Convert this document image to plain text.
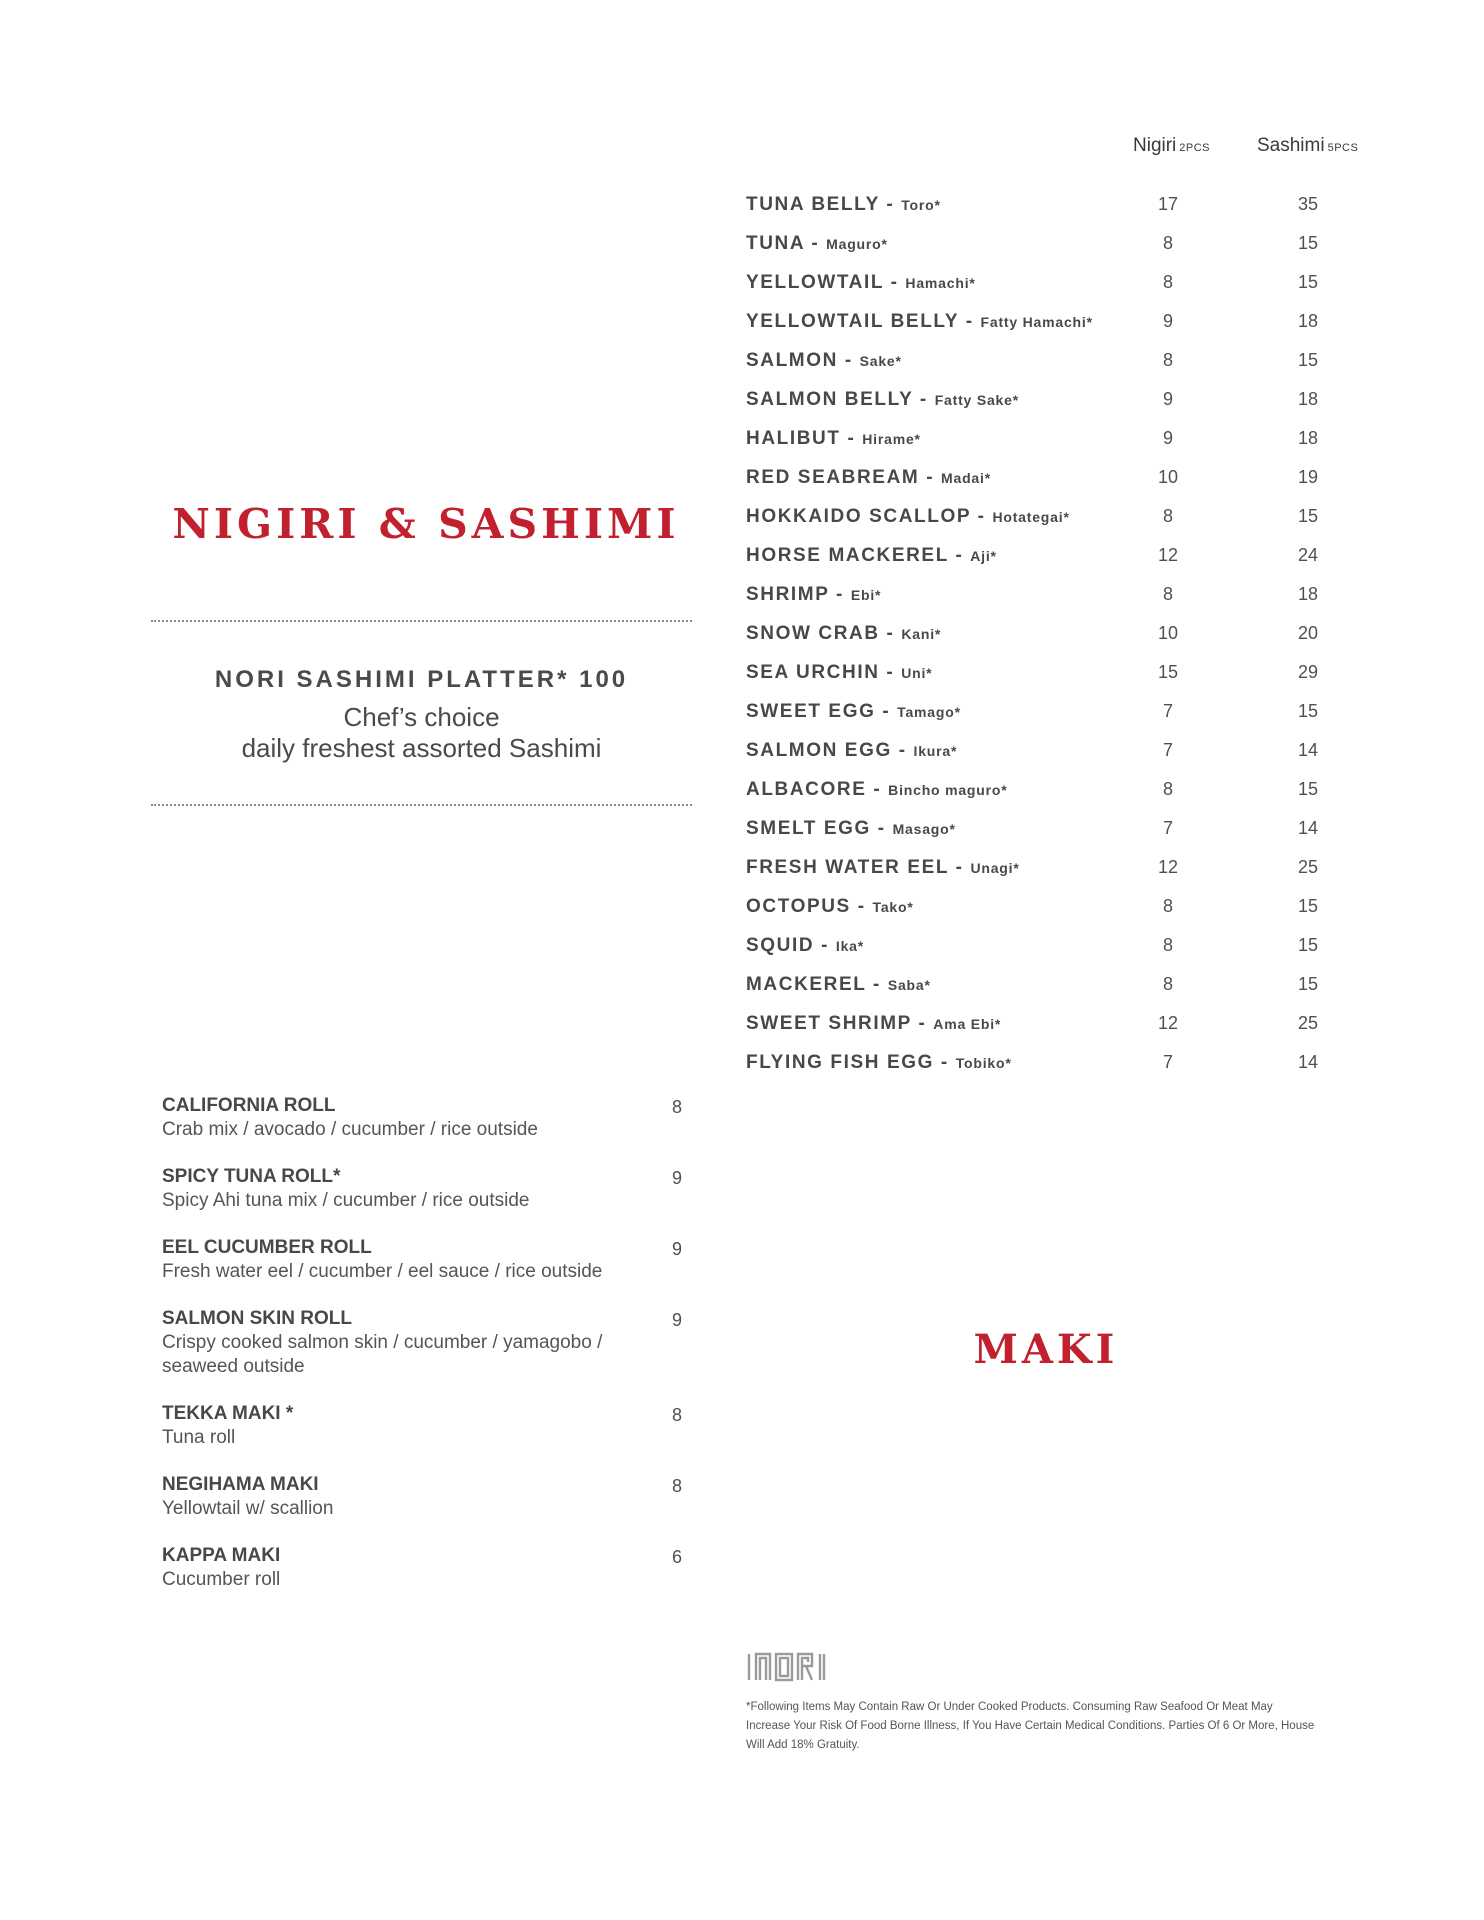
Nigiri 2PCS Sashimi 5PCS
TUNA BELLY - Toro*	17	35
TUNA - Maguro*	8	15
YELLOWTAIL - Hamachi*	8	15
YELLOWTAIL BELLY - Fatty Hamachi*	9	18
SALMON - Sake*	8	15
SALMON BELLY - Fatty Sake*	9	18
HALIBUT - Hirame*	9	18
RED SEABREAM - Madai*	10	19
HOKKAIDO SCALLOP - Hotategai*	8	15
HORSE MACKEREL - Aji*	12	24
SHRIMP - Ebi*	8	18
SNOW CRAB - Kani*	10	20
SEA URCHIN - Uni*	15	29
SWEET EGG - Tamago*	7	15
SALMON EGG - Ikura*	7	14
ALBACORE - Bincho maguro*	8	15
SMELT EGG - Masago*	7	14
FRESH WATER EEL - Unagi*	12	25
OCTOPUS - Tako*	8	15
SQUID - Ika*	8	15
MACKEREL - Saba*	8	15
SWEET SHRIMP - Ama Ebi*	12	25
FLYING FISH EGG - Tobiko*	7	14
NIGIRI & SASHIMI
NORI SASHIMI PLATTER* 100
Chef’s choice
daily freshest assorted Sashimi
CALIFORNIA ROLL
Crab mix / avocado / cucumber / rice outside
8
SPICY TUNA ROLL*
Spicy Ahi tuna mix / cucumber / rice outside
9
EEL CUCUMBER ROLL
Fresh water eel / cucumber / eel sauce / rice outside
9
SALMON SKIN ROLL
Crispy cooked salmon skin / cucumber / yamagobo / seaweed outside
9
TEKKA MAKI *
Tuna roll
8
NEGIHAMA MAKI
Yellowtail w/ scallion
8
KAPPA MAKI
Cucumber roll
6
MAKI
*Following Items May Contain Raw Or Under Cooked Products. Consuming Raw Seafood Or Meat May Increase Your Risk Of Food Borne Illness, If You Have Certain Medical Conditions. Parties Of 6 Or More, House Will Add 18% Gratuity.
